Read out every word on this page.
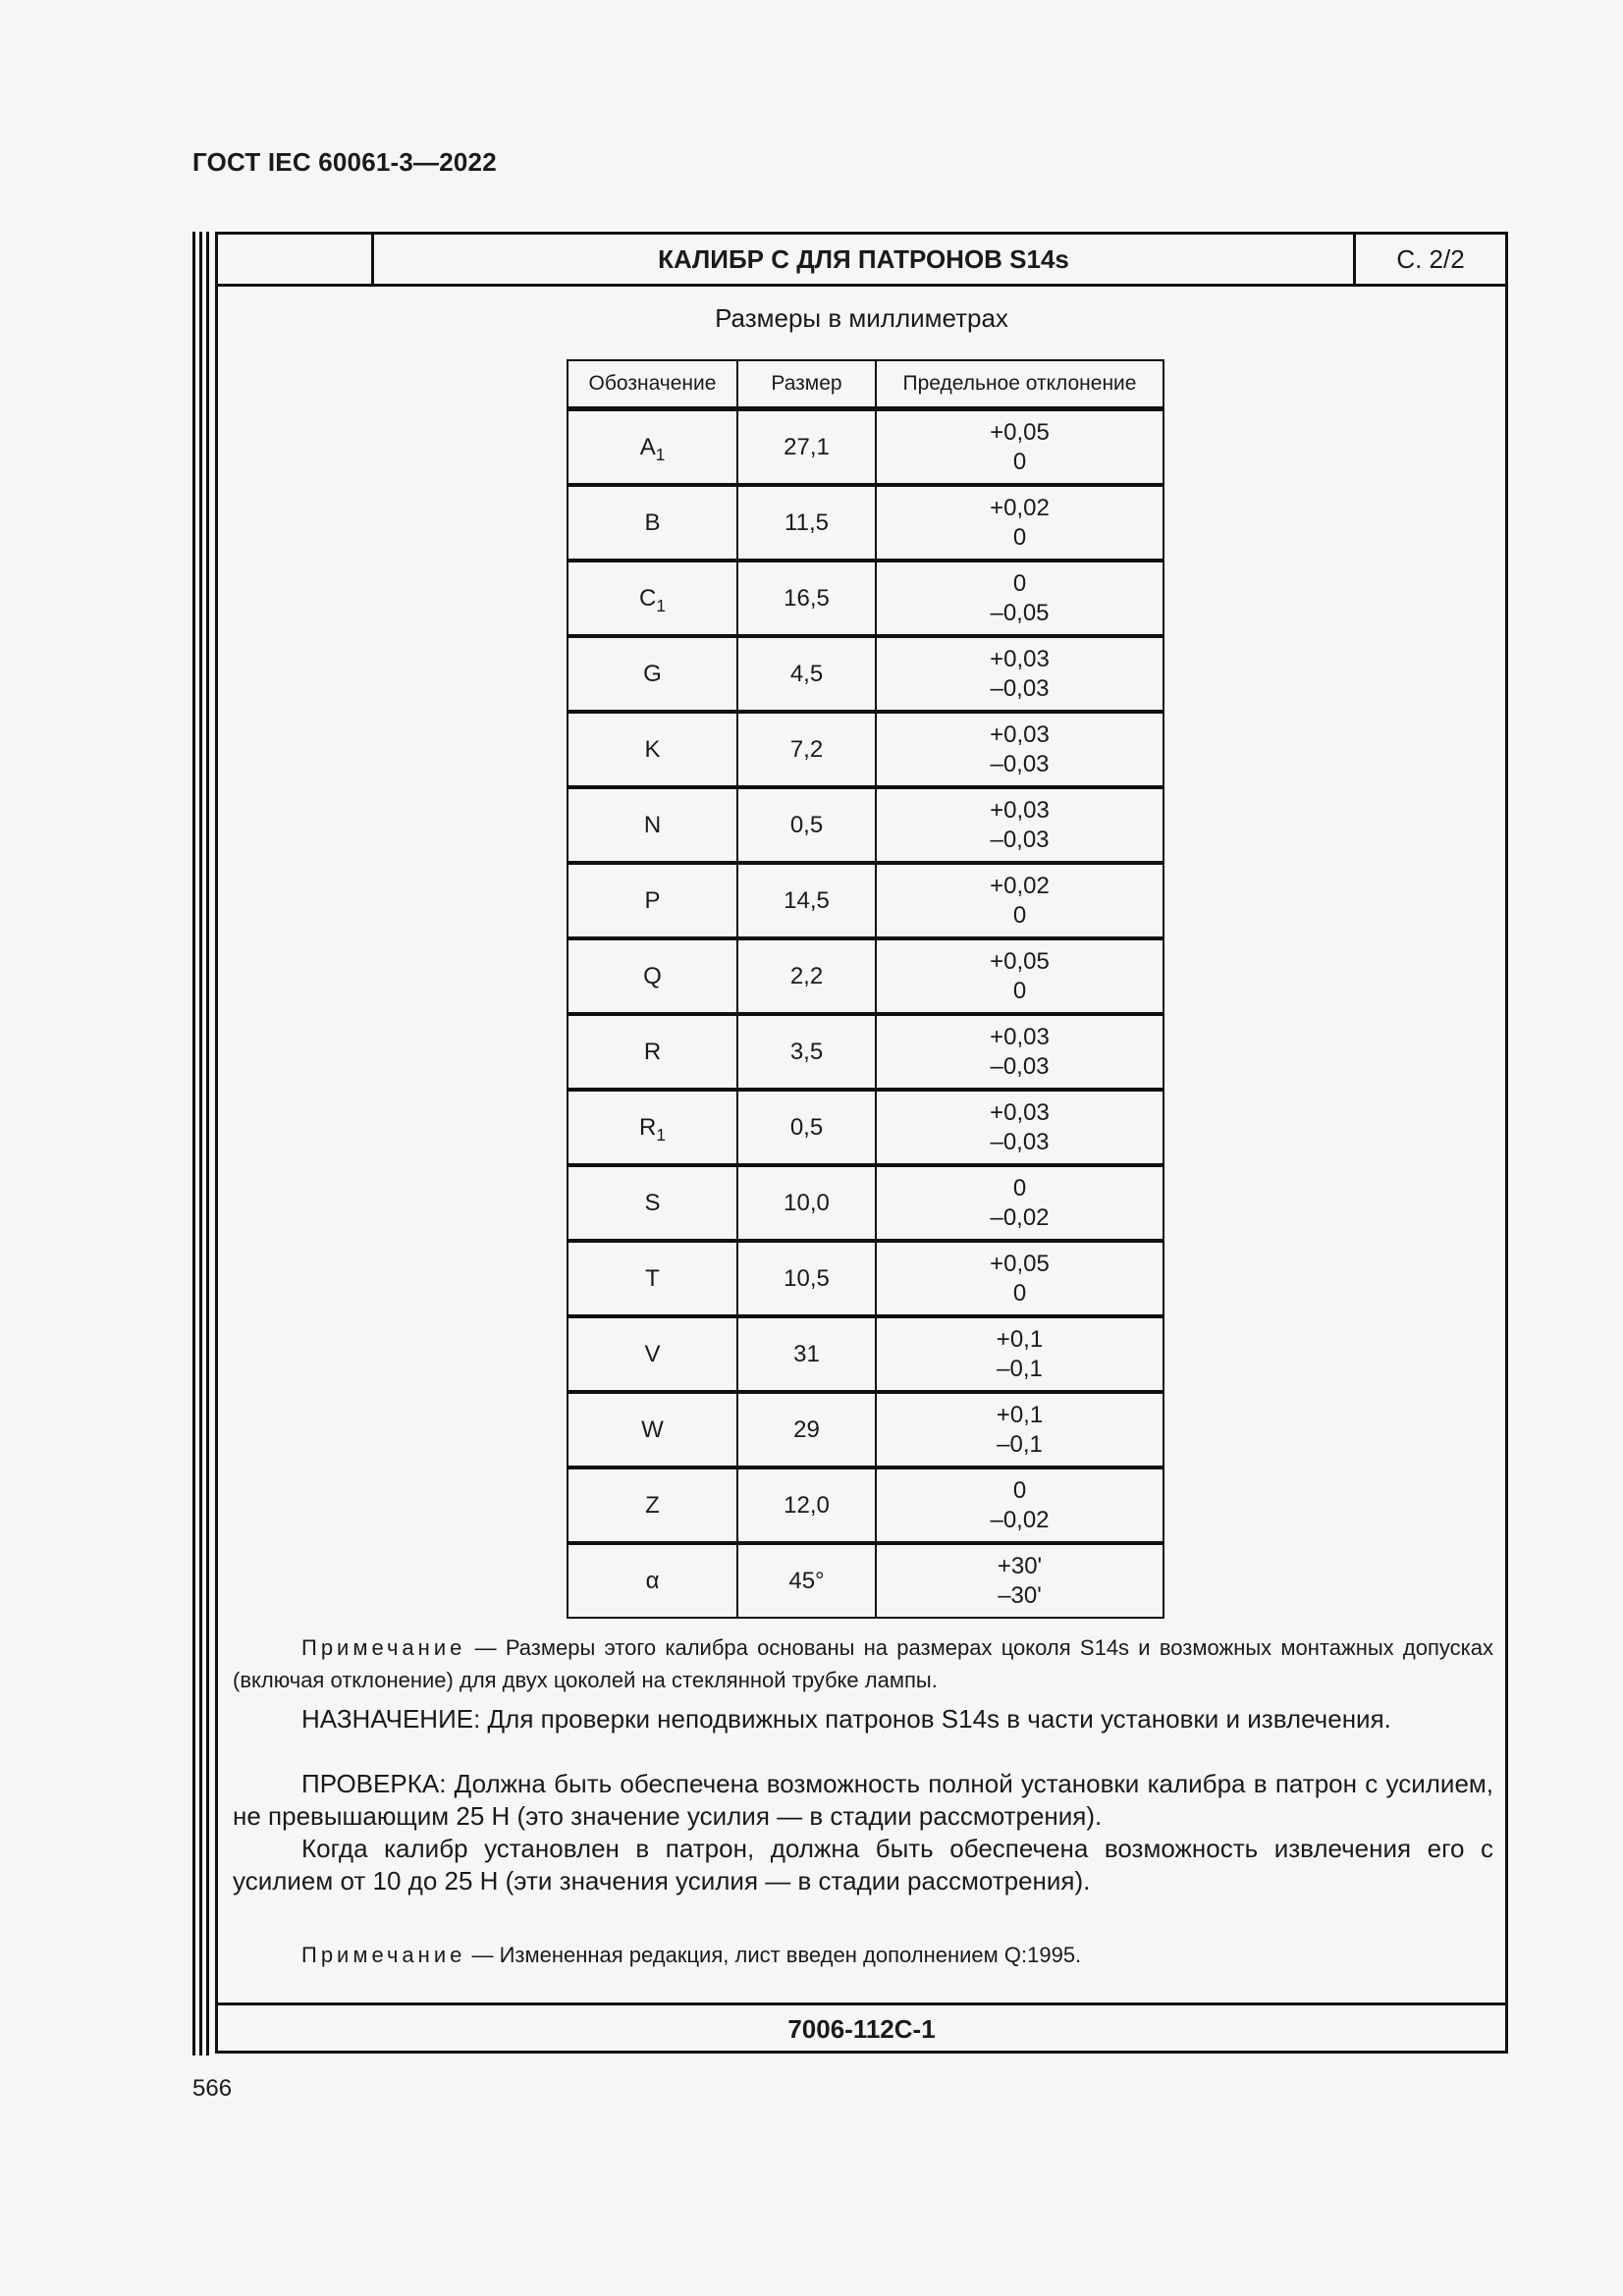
ГОСТ IEC 60061-3—2022
КАЛИБР С ДЛЯ ПАТРОНОВ S14s	С. 2/2
Размеры в миллиметрах
Обозначение	Размер	Предельное отклонение
$A_1$	27,1	+0,05
0

B	11,5	+0,02
0

$C_1$	16,5	0
–0,05

G	4,5	+0,03
–0,03

K	7,2	+0,03
–0,03

N	0,5	+0,03
–0,03

P	14,5	+0,02
0

Q	2,2	+0,05
0

R	3,5	+0,03
–0,03

$R_1$	0,5	+0,03
–0,03

S	10,0	0
–0,02

T	10,5	+0,05
0

V	31	+0,1
–0,1

W	29	+0,1
–0,1

Z	12,0	0
–0,02

α	45°	+30'
–30'
Примечание — Размеры этого калибра основаны на размерах цоколя S14s и возможных монтажных допусках (включая отклонение) для двух цоколей на стеклянной трубке лампы.
НАЗНАЧЕНИЕ: Для проверки неподвижных патронов S14s в части установки и извлечения.
ПРОВЕРКА: Должна быть обеспечена возможность полной установки калибра в патрон с усилием, не превышающим 25 Н (это значение усилия — в стадии рассмотрения).
Когда калибр установлен в патрон, должна быть обеспечена возможность извлечения его с усилием от 10 до 25 Н (эти значения усилия — в стадии рассмотрения).
Примечание — Измененная редакция, лист введен дополнением Q:1995.
7006-112С-1
566
